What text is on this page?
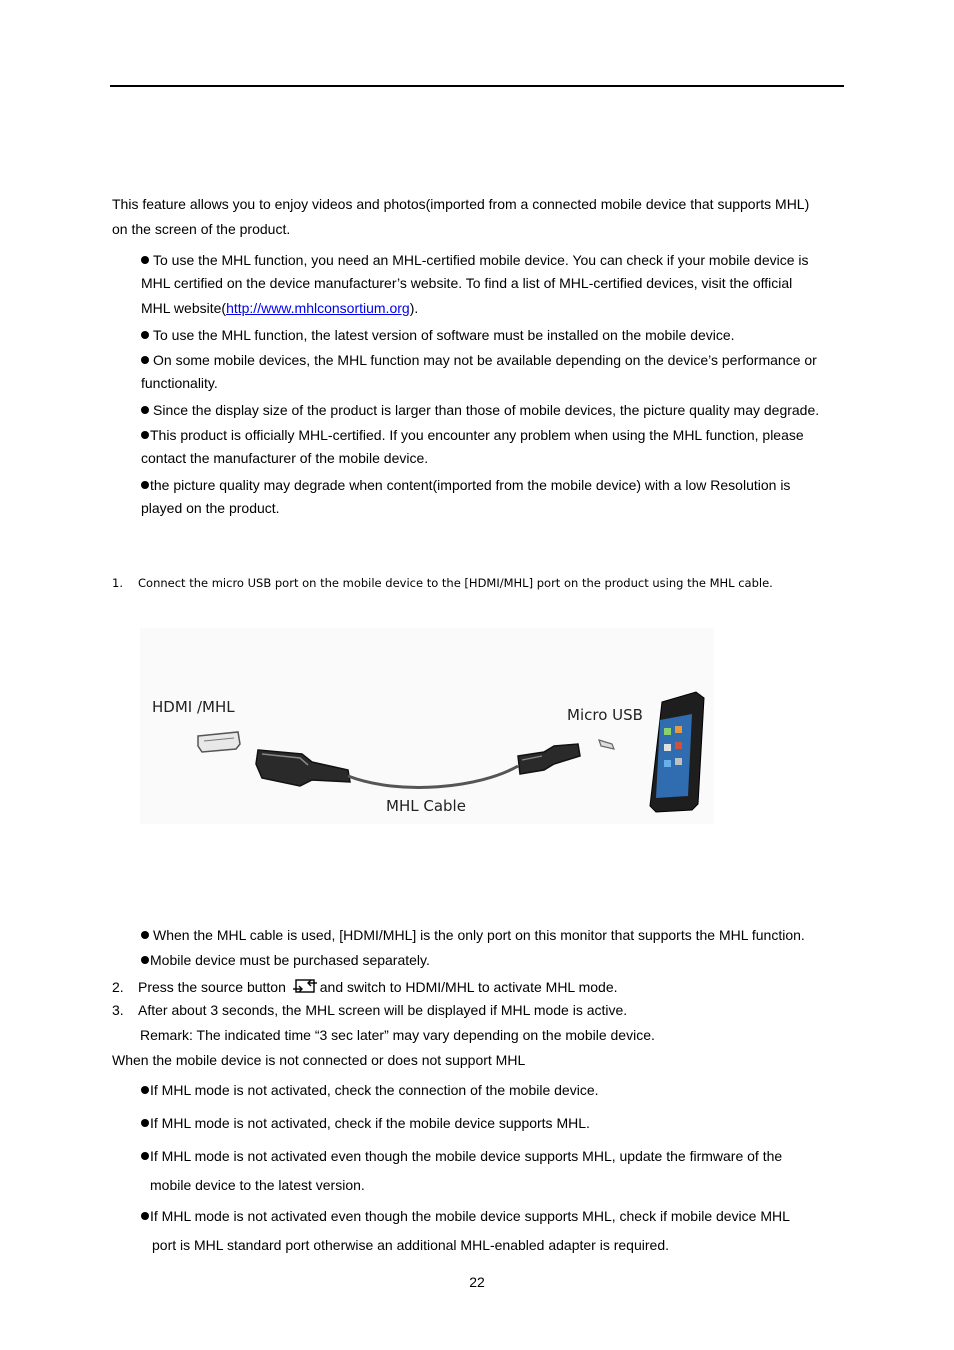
This feature allows you to enjoy videos and photos(imported from a connected mobile device that supports MHL)
on the screen of the product.
To use the MHL function, you need an MHL-certified mobile device. You can check if your mobile device is
MHL certified on the device manufacturer’s website. To find a list of MHL-certified devices, visit the official
MHL website(http://www.mhlconsortium.org).
To use the MHL function, the latest version of software must be installed on the mobile device.
On some mobile devices, the MHL function may not be available depending on the device’s performance or
functionality.
Since the display size of the product is larger than those of mobile devices, the picture quality may degrade.
This product is officially MHL-certified. If you encounter any problem when using the MHL function, please
contact the manufacturer of the mobile device.
the picture quality may degrade when content(imported from the mobile device) with a low Resolution is
played on the product.
1. Connect the micro USB port on the mobile device to the [HDMI/MHL] port on the product using the MHL cable.
HDMI /MHL	Micro USB
MHL Cable
When the MHL cable is used, [HDMI/MHL] is the only port on this monitor that supports the MHL function.
Mobile device must be purchased separately.
2. Press the source button and switch to HDMI/MHL to activate MHL mode.
3. After about 3 seconds, the MHL screen will be displayed if MHL mode is active.
Remark: The indicated time “3 sec later” may vary depending on the mobile device.
When the mobile device is not connected or does not support MHL
If MHL mode is not activated, check the connection of the mobile device.
If MHL mode is not activated, check if the mobile device supports MHL.
If MHL mode is not activated even though the mobile device supports MHL, update the firmware of the
mobile device to the latest version.
If MHL mode is not activated even though the mobile device supports MHL, check if mobile device MHL
port is MHL standard port otherwise an additional MHL-enabled adapter is required.
22
